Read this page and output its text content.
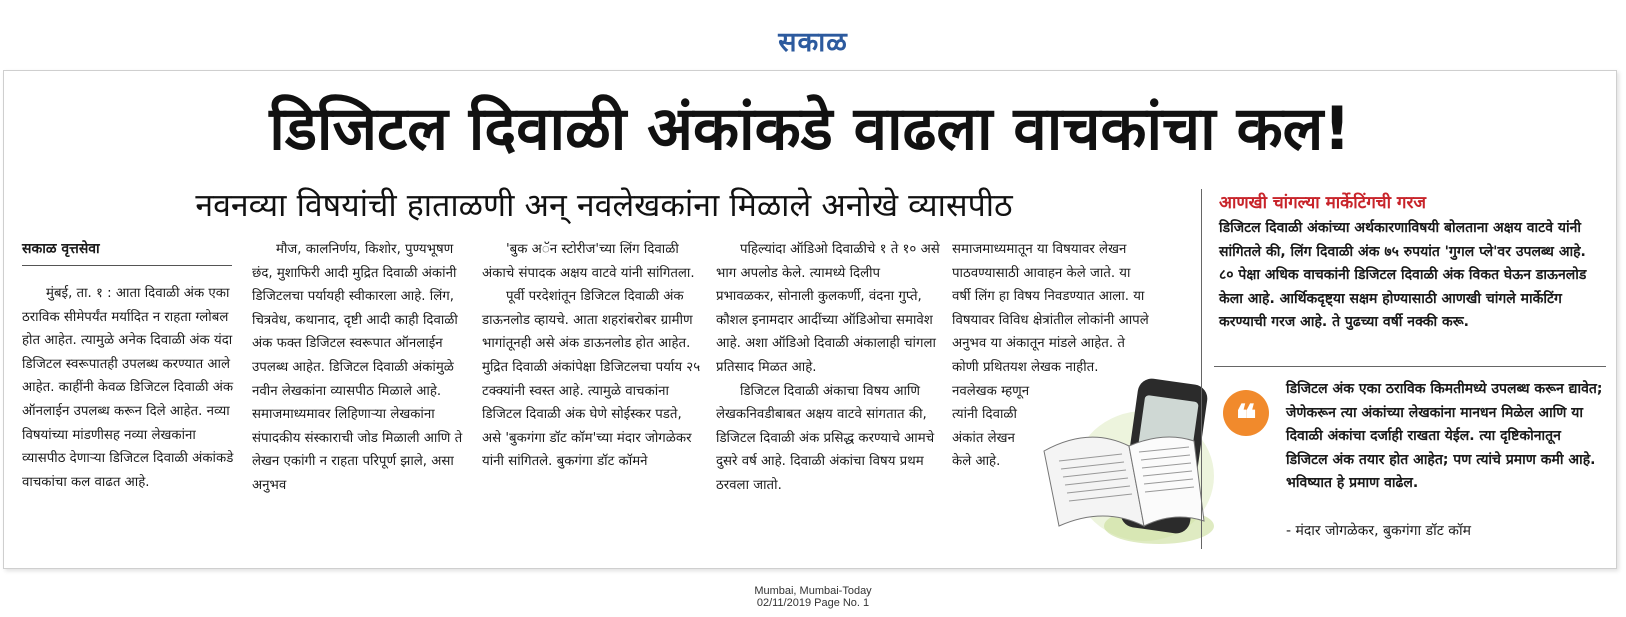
सकाळ
डिजिटल दिवाळी अंकांकडे वाढला वाचकांचा कल!
नवनव्या विषयांची हाताळणी अन् नवलेखकांना मिळाले अनोखे व्यासपीठ
सकाळ वृत्तसेवा

मुंबई, ता. १ : आता दिवाळी अंक एका ठराविक सीमेपर्यंत मर्यादित न राहता ग्लोबल होत आहेत. त्यामुळे अनेक दिवाळी अंक यंदा डिजिटल स्वरूपातही उपलब्ध करण्यात आले आहेत. काहींनी केवळ डिजिटल दिवाळी अंक ऑनलाईन उपलब्ध करून दिले आहेत. नव्या विषयांच्या मांडणीसह नव्या लेखकांना व्यासपीठ देणाऱ्या डिजिटल दिवाळी अंकांकडे वाचकांचा कल वाढत आहे.

मौज, कालनिर्णय, किशोर, पुण्यभूषण छंद, मुशाफिरी आदी मुद्रित दिवाळी अंकांनी डिजिटलचा पर्यायही स्वीकारला आहे. लिंग, चित्रवेध, कथानाद, दृष्टी आदी काही दिवाळी अंक फक्त डिजिटल स्वरूपात ऑनलाईन उपलब्ध आहेत. डिजिटल दिवाळी अंकांमुळे नवीन लेखकांना व्यासपीठ मिळाले आहे. समाजमाध्यमावर लिहिणाऱ्या लेखकांना संपादकीय संस्काराची जोड मिळाली आणि ते लेखन एकांगी न राहता परिपूर्ण झाले, असा अनुभव

'बुक अॅन स्टोरीज'च्या लिंग दिवाळी अंकाचे संपादक अक्षय वाटवे यांनी सांगितला.

पूर्वी परदेशांतून डिजिटल दिवाळी अंक डाऊनलोड व्हायचे. आता शहरांबरोबर ग्रामीण भागांतूनही असे अंक डाऊनलोड होत आहेत. मुद्रित दिवाळी अंकांपेक्षा डिजिटलचा पर्याय २५ टक्क्यांनी स्वस्त आहे. त्यामुळे वाचकांना डिजिटल दिवाळी अंक घेणे सोईस्कर पडते, असे 'बुकगंगा डॉट कॉम'च्या मंदार जोगळेकर यांनी सांगितले. बुकगंगा डॉट कॉमने

पहिल्यांदा ऑडिओ दिवाळीचे १ ते १० असे भाग अपलोड केले. त्यामध्ये दिलीप प्रभावळकर, सोनाली कुलकर्णी, वंदना गुप्ते, कौशल इनामदार आदींच्या ऑडिओचा समावेश आहे. अशा ऑडिओ दिवाळी अंकालाही चांगला प्रतिसाद मिळत आहे.

डिजिटल दिवाळी अंकाचा विषय आणि लेखकनिवडीबाबत अक्षय वाटवे सांगतात की, डिजिटल दिवाळी अंक प्रसिद्ध करण्याचे आमचे दुसरे वर्ष आहे. दिवाळी अंकांचा विषय प्रथम ठरवला जातो.

समाजमाध्यमातून या विषयावर लेखन पाठवण्यासाठी आवाहन केले जाते. या वर्षी लिंग हा विषय निवडण्यात आला. या विषयावर विविध क्षेत्रांतील लोकांनी आपले अनुभव या अंकातून मांडले आहेत. ते कोणी प्रथितयश लेखक नाहीत.

नवलेखक म्हणून त्यांनी दिवाळी अंकांत लेखन केले आहे.

आणखी चांगल्या मार्केटिंगची गरज
डिजिटल दिवाळी अंकांच्या अर्थकारणाविषयी बोलताना अक्षय वाटवे यांनी सांगितले की, लिंग दिवाळी अंक ७५ रुपयांत 'गुगल प्ले'वर उपलब्ध आहे. ८० पेक्षा अधिक वाचकांनी डिजिटल दिवाळी अंक विकत घेऊन डाऊनलोड केला आहे. आर्थिकदृष्ट्या सक्षम होण्यासाठी आणखी चांगले मार्केटिंग करण्याची गरज आहे. ते पुढच्या वर्षी नक्की करू.
❝
डिजिटल अंक एका ठराविक किमतीमध्ये उपलब्ध करून द्यावेत; जेणेकरून त्या अंकांच्या लेखकांना मानधन मिळेल आणि या दिवाळी अंकांचा दर्जाही राखता येईल. त्या दृष्टिकोनातून डिजिटल अंक तयार होत आहेत; पण त्यांचे प्रमाण कमी आहे. भविष्यात हे प्रमाण वाढेल.
- मंदार जोगळेकर, बुकगंगा डॉट कॉम
Mumbai, Mumbai-Today
02/11/2019 Page No. 1
